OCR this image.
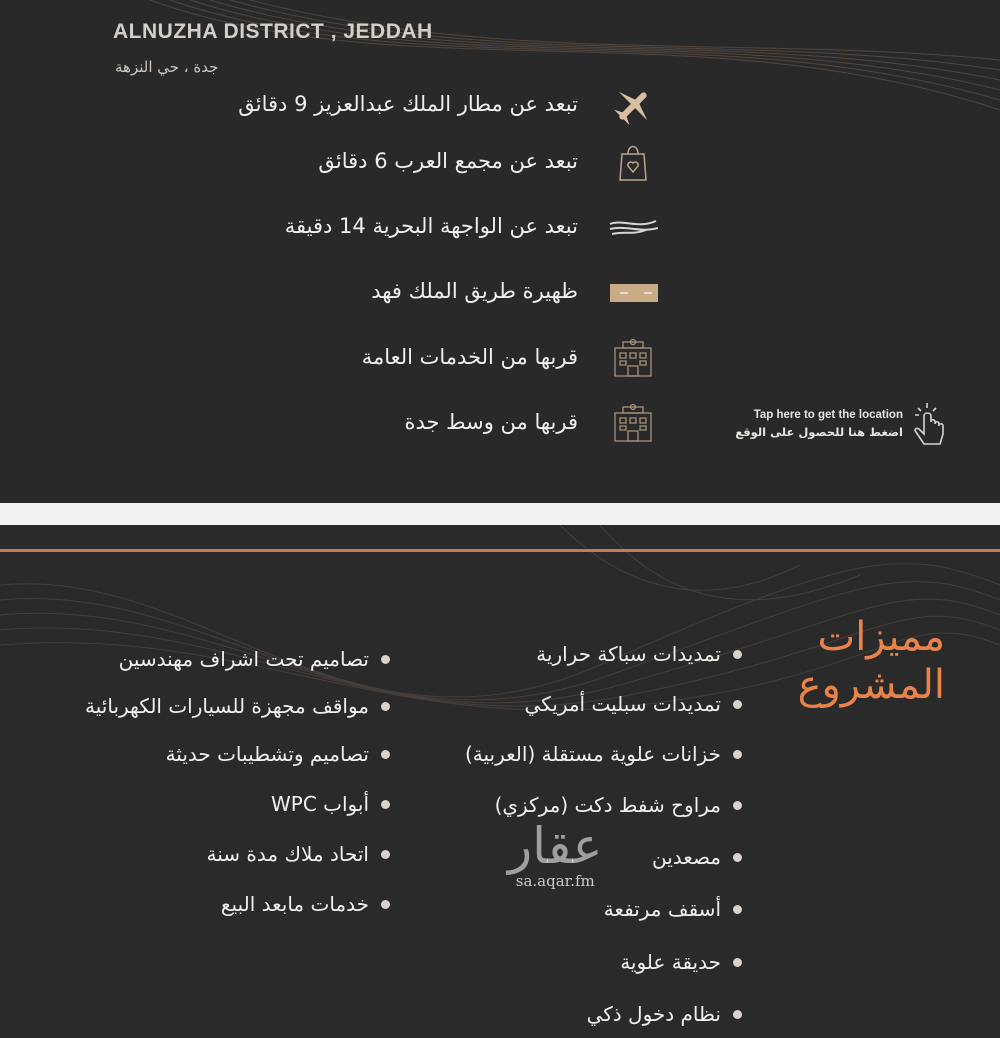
ALNUZHA DISTRICT , JEDDAH
جدة ، حي النزهة
تبعد عن مطار الملك عبدالعزيز 9 دقائق
تبعد عن مجمع العرب 6 دقائق
تبعد عن الواجهة البحرية 14 دقيقة
ظهيرة طريق الملك فهد
قربها من الخدمات العامة
قربها من وسط جدة	Tap here to get the location
اضغط هنا للحصول على الوقع
مميزات
المشروع
تمديدات سباكة حرارية
تمديدات سبليت أمريكي
خزانات علوية مستقلة (العربية)
مراوح شفط دكت (مركزي)
مصعدين
أسقف مرتفعة
حديقة علوية
نظام دخول ذكي
تصاميم تحت اشراف مهندسين
مواقف مجهزة للسيارات الكهربائية
تصاميم وتشطيبات حديثة
أبواب WPC
اتحاد ملاك مدة سنة
خدمات مابعد البيع
عقار
sa.aqar.fm
